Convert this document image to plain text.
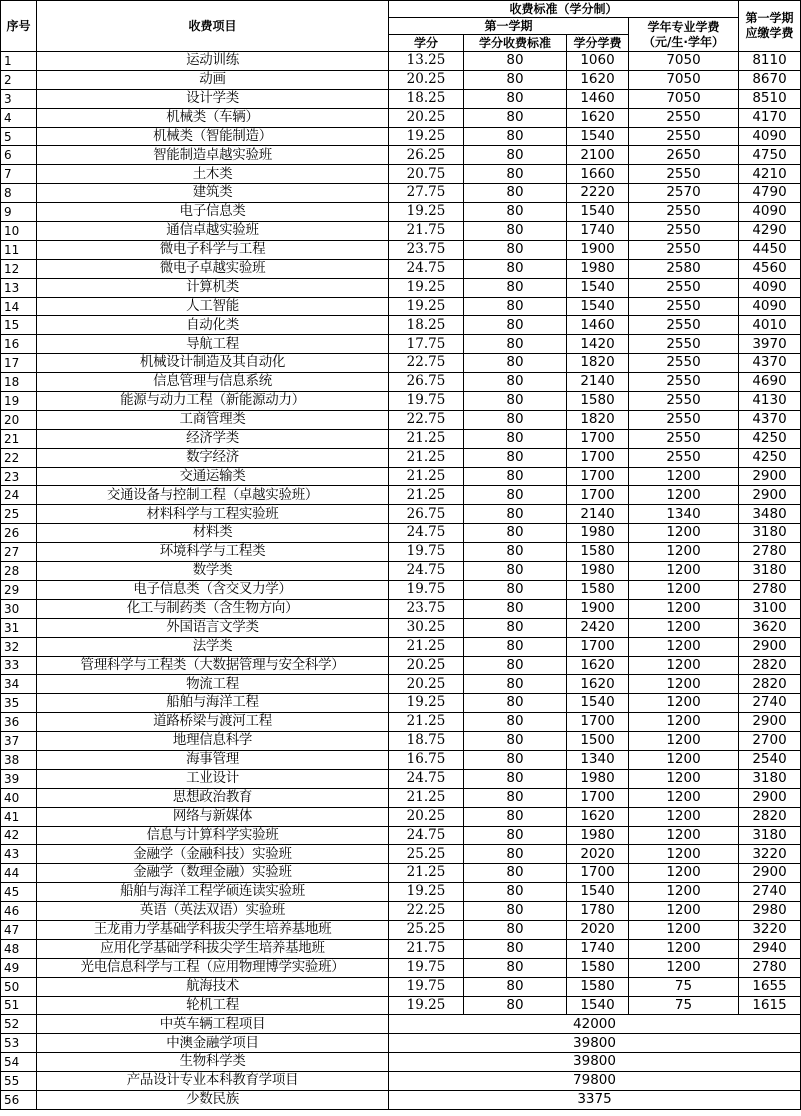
序号	收费项目	收费标准（学分制）				第一学期
应缴学费
		第一学期			学年专业学费
（元/生·学年）	
		学分	学分收费标准	学分学费		
1	运动训练	13.25	80	1060	7050	8110
2	动画	20.25	80	1620	7050	8670
3	设计学类	18.25	80	1460	7050	8510
4	机械类（车辆）	20.25	80	1620	2550	4170
5	机械类（智能制造）	19.25	80	1540	2550	4090
6	智能制造卓越实验班	26.25	80	2100	2650	4750
7	土木类	20.75	80	1660	2550	4210
8	建筑类	27.75	80	2220	2570	4790
9	电子信息类	19.25	80	1540	2550	4090
10	通信卓越实验班	21.75	80	1740	2550	4290
11	微电子科学与工程	23.75	80	1900	2550	4450
12	微电子卓越实验班	24.75	80	1980	2580	4560
13	计算机类	19.25	80	1540	2550	4090
14	人工智能	19.25	80	1540	2550	4090
15	自动化类	18.25	80	1460	2550	4010
16	导航工程	17.75	80	1420	2550	3970
17	机械设计制造及其自动化	22.75	80	1820	2550	4370
18	信息管理与信息系统	26.75	80	2140	2550	4690
19	能源与动力工程（新能源动力）	19.75	80	1580	2550	4130
20	工商管理类	22.75	80	1820	2550	4370
21	经济学类	21.25	80	1700	2550	4250
22	数字经济	21.25	80	1700	2550	4250
23	交通运输类	21.25	80	1700	1200	2900
24	交通设备与控制工程（卓越实验班）	21.25	80	1700	1200	2900
25	材料科学与工程实验班	26.75	80	2140	1340	3480
26	材料类	24.75	80	1980	1200	3180
27	环境科学与工程类	19.75	80	1580	1200	2780
28	数学类	24.75	80	1980	1200	3180
29	电子信息类（含交叉力学）	19.75	80	1580	1200	2780
30	化工与制药类（含生物方向）	23.75	80	1900	1200	3100
31	外国语言文学类	30.25	80	2420	1200	3620
32	法学类	21.25	80	1700	1200	2900
33	管理科学与工程类（大数据管理与安全科学）	20.25	80	1620	1200	2820
34	物流工程	20.25	80	1620	1200	2820
35	船舶与海洋工程	19.25	80	1540	1200	2740
36	道路桥梁与渡河工程	21.25	80	1700	1200	2900
37	地理信息科学	18.75	80	1500	1200	2700
38	海事管理	16.75	80	1340	1200	2540
39	工业设计	24.75	80	1980	1200	3180
40	思想政治教育	21.25	80	1700	1200	2900
41	网络与新媒体	20.25	80	1620	1200	2820
42	信息与计算科学实验班	24.75	80	1980	1200	3180
43	金融学（金融科技）实验班	25.25	80	2020	1200	3220
44	金融学（数理金融）实验班	21.25	80	1700	1200	2900
45	船舶与海洋工程学硕连读实验班	19.25	80	1540	1200	2740
46	英语（英法双语）实验班	22.25	80	1780	1200	2980
47	王龙甫力学基础学科拔尖学生培养基地班	25.25	80	2020	1200	3220
48	应用化学基础学科拔尖学生培养基地班	21.75	80	1740	1200	2940
49	光电信息科学与工程（应用物理博学实验班）	19.75	80	1580	1200	2780
50	航海技术	19.75	80	1580	75	1655
51	轮机工程	19.25	80	1540	75	1615
52	中英车辆工程项目	42000				
53	中澳金融学项目	39800				
54	生物科学类	39800				
55	产品设计专业本科教育学项目	79800				
56	少数民族	3375				
